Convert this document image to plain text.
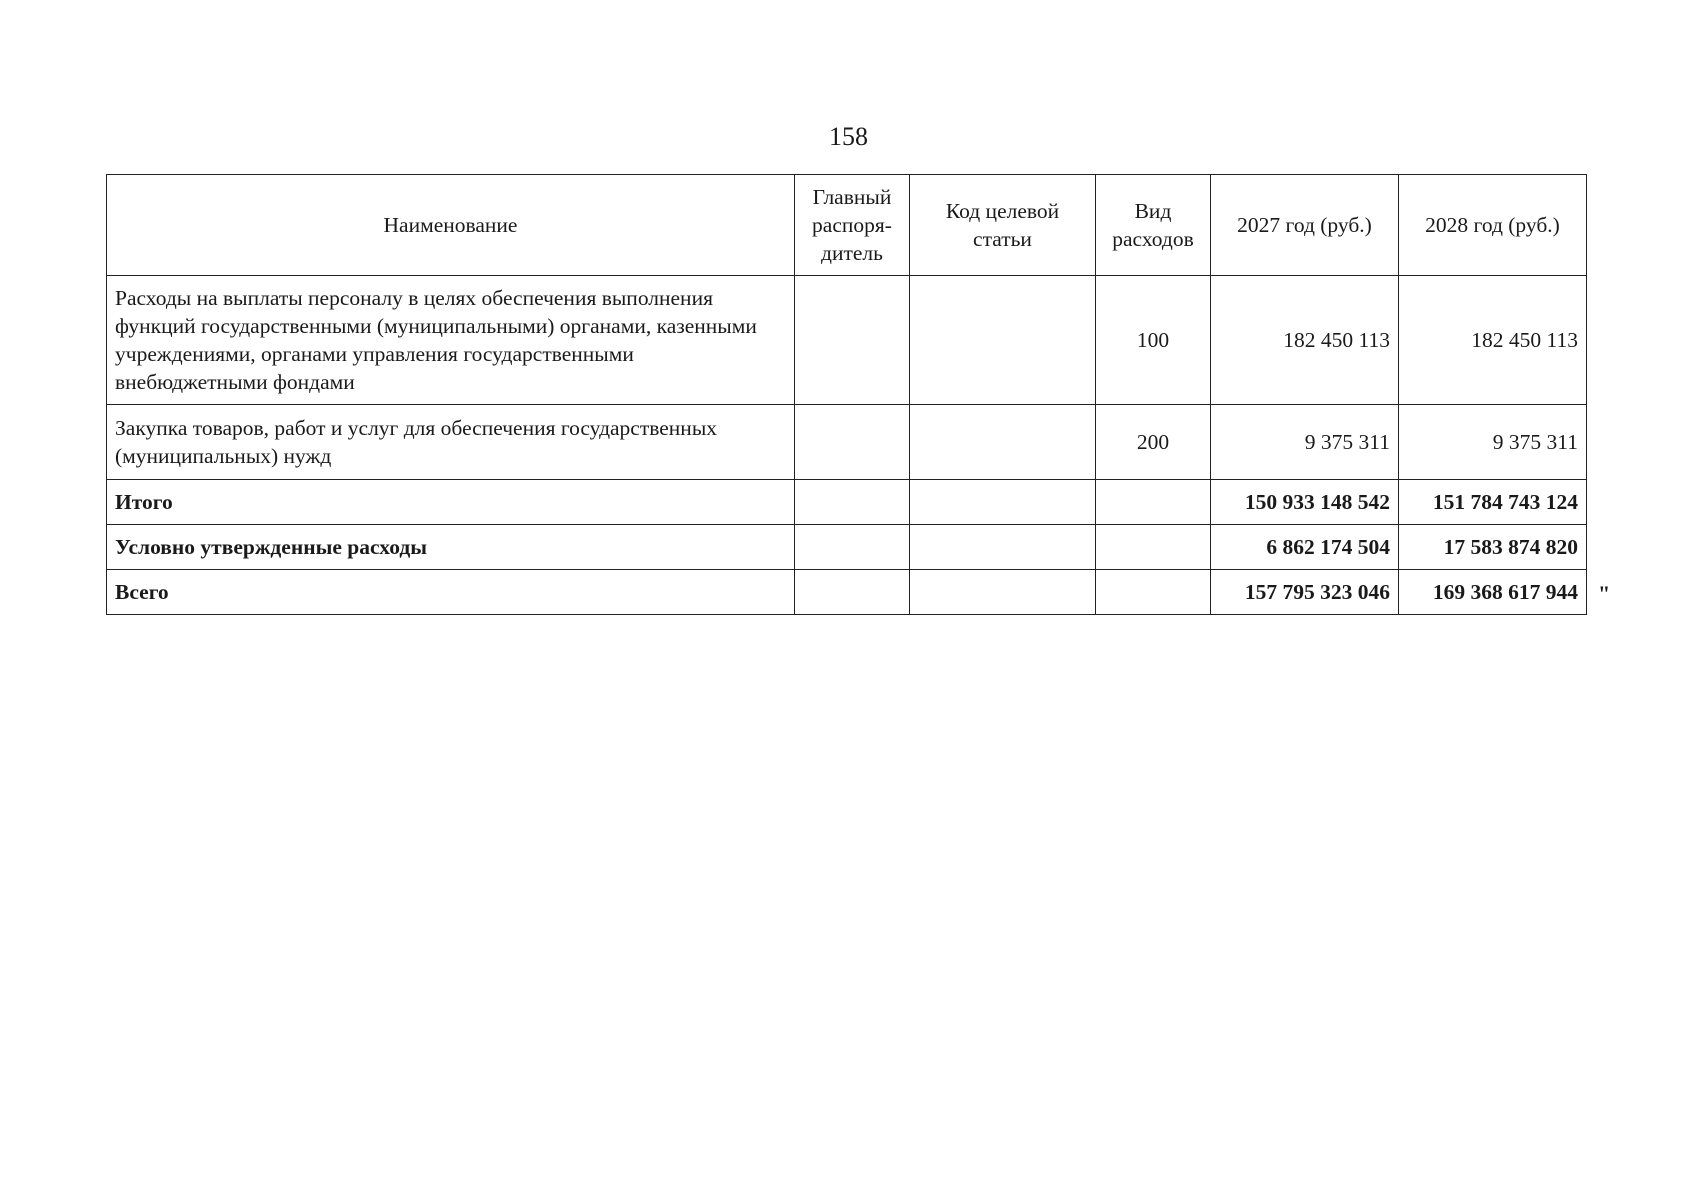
158
Наименование	Главный распоря-дитель	Код целевой статьи	Вид расходов	2027 год (руб.)	2028 год (руб.)
Расходы на выплаты персоналу в целях обеспечения выполнения функций государственными (муниципальными) органами, казенными учреждениями, органами управления государственными внебюджетными фондами			100	182 450 113	182 450 113
Закупка товаров, работ и услуг для обеспечения государственных (муниципальных) нужд			200	9 375 311	9 375 311
Итого				150 933 148 542	151 784 743 124
Условно утвержденные расходы				6 862 174 504	17 583 874 820
Всего				157 795 323 046	169 368 617 944 "
